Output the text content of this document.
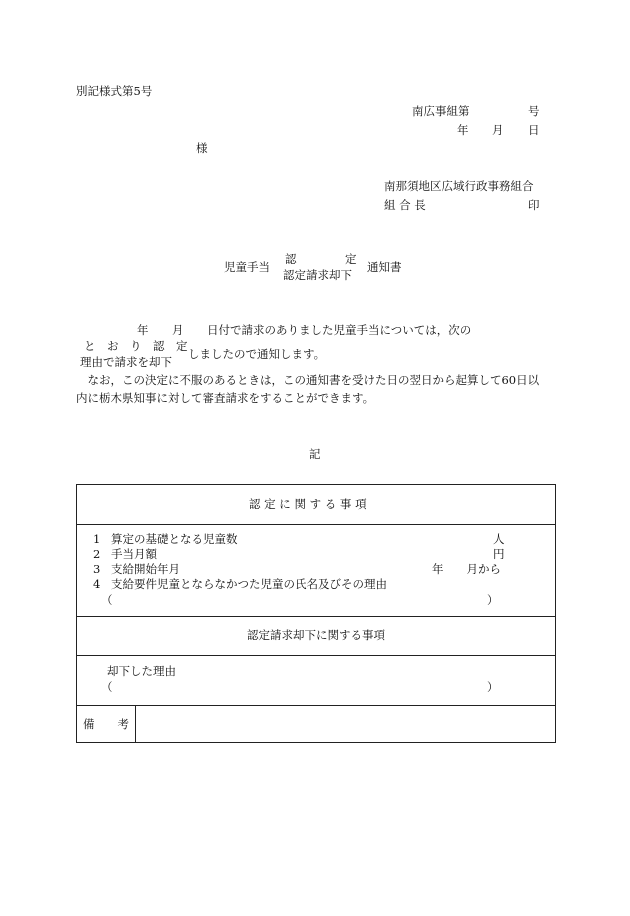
別記様式第5号
南広事組第	号
年 月 日
様
南那須地区広域行政事務組合
組 合 長	印
児童手当
認	定
認定請求却下
通知書
年 月 日付で請求のありました児童手当については，次の
と　お　り　認　定
理由で請求を却下
しましたので通知します。
　なお，この決定に不服のあるときは，この通知書を受けた日の翌日から起算して60日以
内に栃木県知事に対して審査請求をすることができます。
記
認 定 に 関 す る 事 項
1 算定の基礎となる児童数	人
2 手当月額	円
3 支給開始年月	年　　月から
4 支給要件児童とならなかつた児童の氏名及びその理由
（	）
認定請求却下に関する事項
却下した理由
（	）
備　　考
